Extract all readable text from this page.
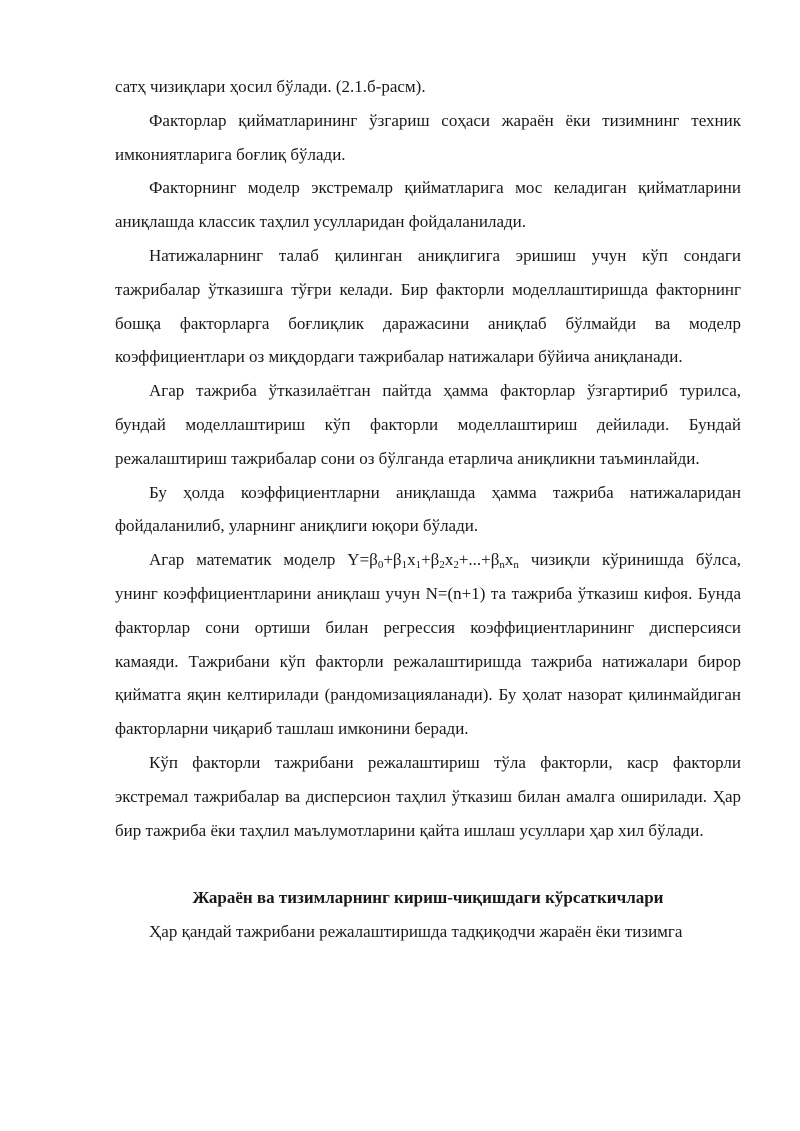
сатҳ чизиқлари ҳосил бўлади. (2.1.б-расм).

Факторлар қийматларининг ўзгариш соҳаси жараён ёки тизимнинг техник имкониятларига боғлиқ бўлади.

Факторнинг моделр экстремалр қийматларига мос келадиган қийматларини аниқлашда классик таҳлил усулларидан фойдаланилади.

Натижаларнинг талаб қилинган аниқлигига эришиш учун кўп сондаги тажрибалар ўтказишга тўғри келади. Бир факторли моделлаштиришда факторнинг бошқа факторларга боғлиқлик даражасини аниқлаб бўлмайди ва моделр коэффициентлари оз миқдордаги тажрибалар натижалари бўйича аниқланади.

Агар тажриба ўтказилаётган пайтда ҳамма факторлар ўзгартириб турилса, бундай моделлаштириш кўп факторли моделлаштириш дейилади. Бундай режалаштириш тажрибалар сони оз бўлганда етарлича аниқликни таъминлайди.

Бу ҳолда коэффициентларни аниқлашда ҳамма тажриба натижаларидан фойдаланилиб, уларнинг аниқлиги юқори бўлади.

Агар математик моделр $Y=\beta_0+\beta_1x_1+\beta_2x_2+...+\beta_nx_n$ чизиқли кўринишда бўлса, унинг коэффициентларини аниқлаш учун N=(n+1) та тажриба ўтказиш кифоя. Бунда факторлар сони ортиши билан регрессия коэффициентларининг дисперсияси камаяди. Тажрибани кўп факторли режалаштиришда тажриба натижалари бирор қийматга яқин келтирилади (рандомизацияланади). Бу ҳолат назорат қилинмайдиган факторларни чиқариб ташлаш имконини беради.

Кўп факторли тажрибани режалаштириш тўла факторли, каср факторли экстремал тажрибалар ва дисперсион таҳлил ўтказиш билан амалга оширилади. Ҳар бир тажриба ёки таҳлил маълумотларини қайта ишлаш усуллари ҳар хил бўлади.

Жараён ва тизимларнинг кириш-чиқишдаги кўрсаткичлари

Ҳар қандай тажрибани режалаштиришда тадқиқодчи жараён ёки тизимга
